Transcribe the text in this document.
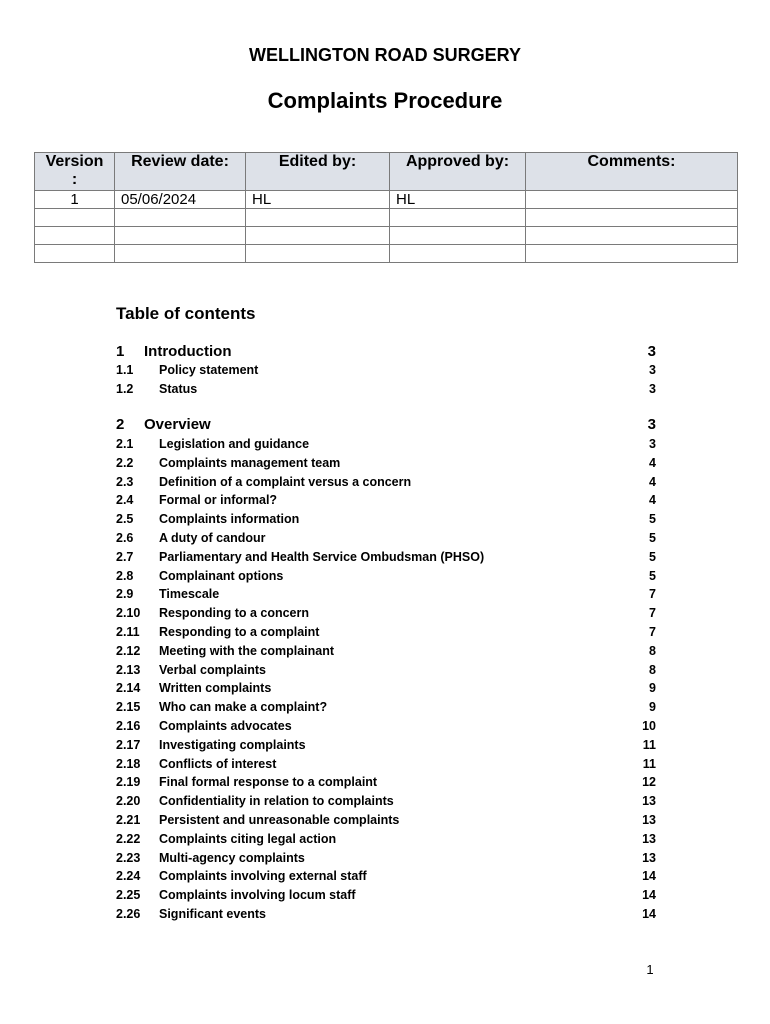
WELLINGTON ROAD SURGERY
Complaints Procedure
Version
:	Review date:	Edited by:	Approved by:	Comments:
1	05/06/2024	HL	HL	

Table of contents
1	Introduction	3
1.1	Policy statement	3
1.2	Status	3
2	Overview	3
2.1	Legislation and guidance	3
2.2	Complaints management team	4
2.3	Definition of a complaint versus a concern	4
2.4	Formal or informal?	4
2.5	Complaints information	5
2.6	A duty of candour	5
2.7	Parliamentary and Health Service Ombudsman (PHSO)	5
2.8	Complainant options	5
2.9	Timescale	7
2.10	Responding to a concern	7
2.11	Responding to a complaint	7
2.12	Meeting with the complainant	8
2.13	Verbal complaints	8
2.14	Written complaints	9
2.15	Who can make a complaint?	9
2.16	Complaints advocates	10
2.17	Investigating complaints	11
2.18	Conflicts of interest	11
2.19	Final formal response to a complaint	12
2.20	Confidentiality in relation to complaints	13
2.21	Persistent and unreasonable complaints	13
2.22	Complaints citing legal action	13
2.23	Multi-agency complaints	13
2.24	Complaints involving external staff	14
2.25	Complaints involving locum staff	14
2.26	Significant events	14
1
